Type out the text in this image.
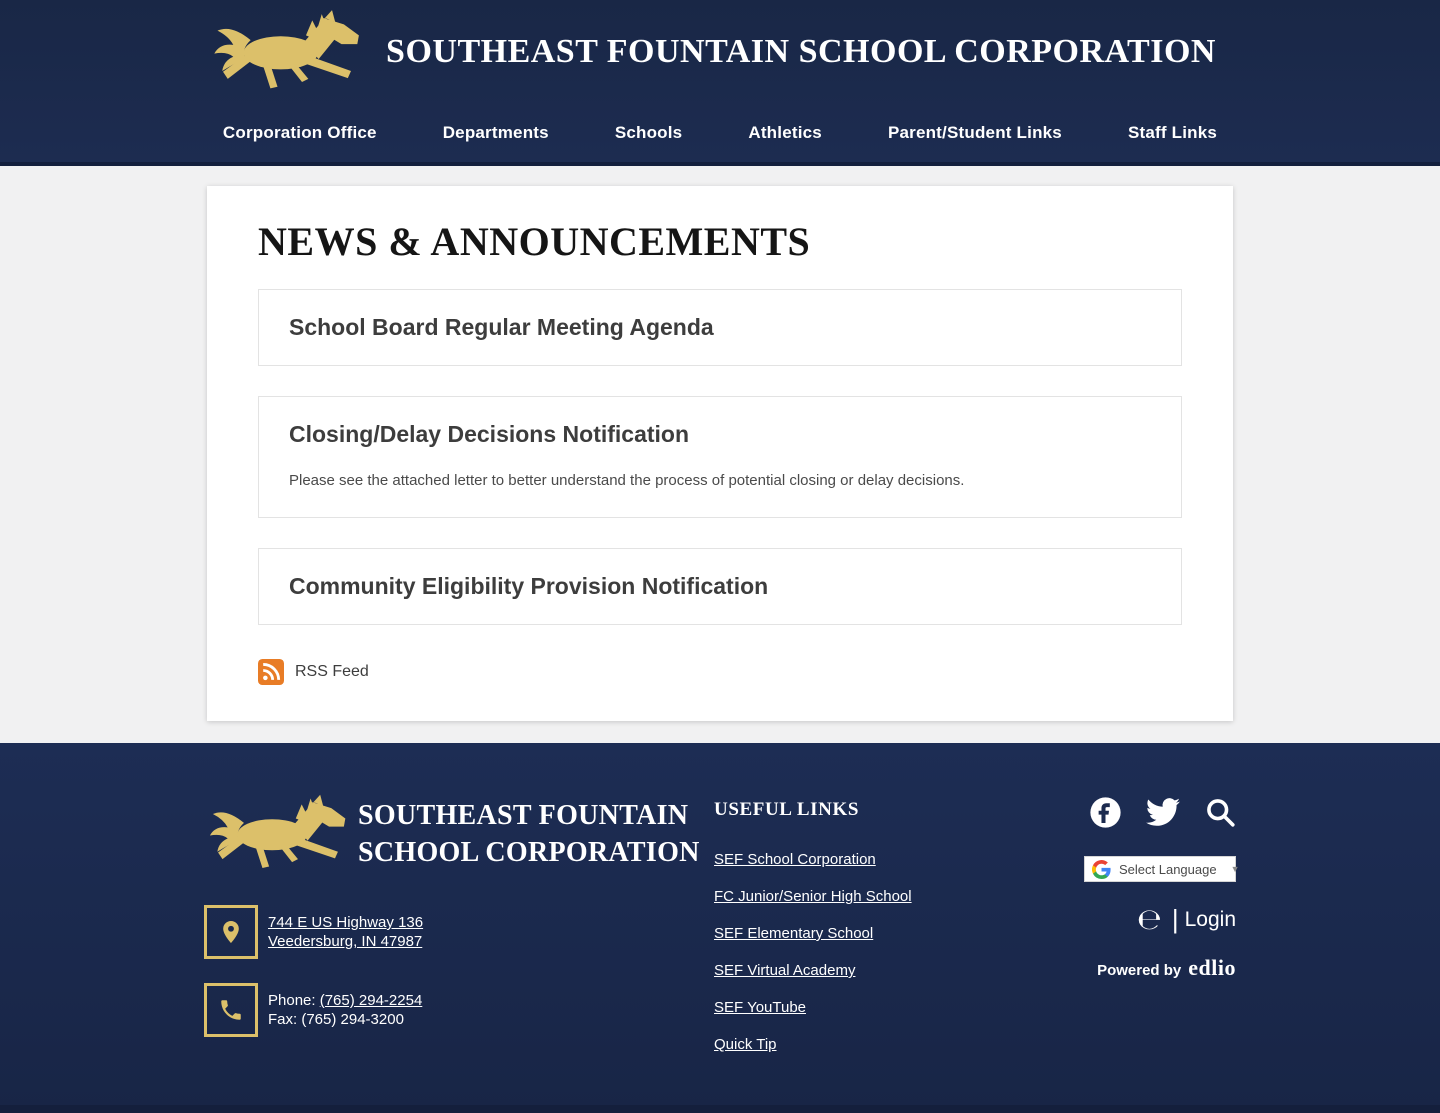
SOUTHEAST FOUNTAIN SCHOOL CORPORATION
Corporation Office	Departments	Schools	Athletics	Parent/Student Links	Staff Links
NEWS & ANNOUNCEMENTS
School Board Regular Meeting Agenda
Closing/Delay Decisions Notification

Please see the attached letter to better understand the process of potential closing or delay decisions.

Community Eligibility Provision Notification
RSS Feed
SOUTHEAST FOUNTAIN
SCHOOL CORPORATION
744 E US Highway 136
Veedersburg, IN 47987
Phone: (765) 294-2254
Fax: (765) 294-3200
USEFUL LINKS
SEF School Corporation
FC Junior/Senior High School
SEF Elementary School
SEF Virtual Academy
SEF YouTube
Quick Tip
Select Language ▼
℮ | Login
Powered by edlio
